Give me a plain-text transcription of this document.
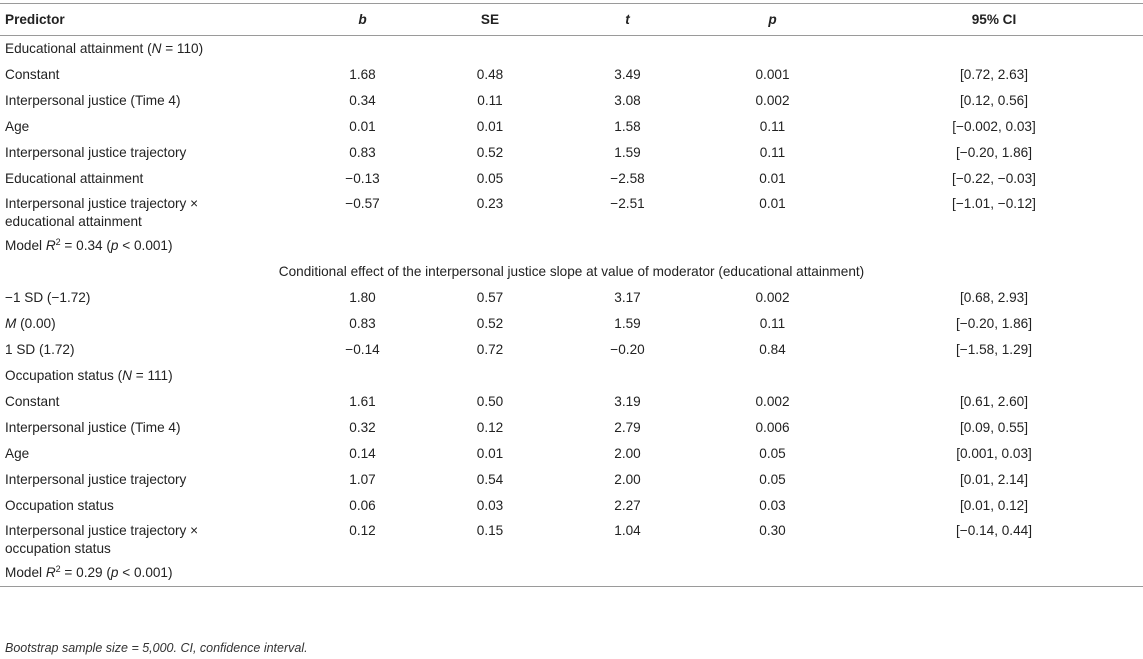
Predictor	b	SE	t	p	95% CI
Educational attainment (N = 110)					
Constant	1.68	0.48	3.49	0.001	[0.72, 2.63]
Interpersonal justice (Time 4)	0.34	0.11	3.08	0.002	[0.12, 0.56]
Age	0.01	0.01	1.58	0.11	[−0.002, 0.03]
Interpersonal justice trajectory	0.83	0.52	1.59	0.11	[−0.20, 1.86]
Educational attainment	−0.13	0.05	−2.58	0.01	[−0.22, −0.03]
Interpersonal justice trajectory ×
educational attainment	−0.57	0.23	−2.51	0.01	[−1.01, −0.12]
Model $R^2 = 0.34$ (p < 0.001)					
Conditional effect of the interpersonal justice slope at value of moderator (educational attainment)					
−1 SD (−1.72)	1.80	0.57	3.17	0.002	[0.68, 2.93]
M (0.00)	0.83	0.52	1.59	0.11	[−0.20, 1.86]
1 SD (1.72)	−0.14	0.72	−0.20	0.84	[−1.58, 1.29]
Occupation status (N = 111)					
Constant	1.61	0.50	3.19	0.002	[0.61, 2.60]
Interpersonal justice (Time 4)	0.32	0.12	2.79	0.006	[0.09, 0.55]
Age	0.14	0.01	2.00	0.05	[0.001, 0.03]
Interpersonal justice trajectory	1.07	0.54	2.00	0.05	[0.01, 2.14]
Occupation status	0.06	0.03	2.27	0.03	[0.01, 0.12]
Interpersonal justice trajectory ×
occupation status	0.12	0.15	1.04	0.30	[−0.14, 0.44]
Model $R^2 = 0.29$ (p < 0.001)					
Bootstrap sample size = 5,000. CI, confidence interval.
